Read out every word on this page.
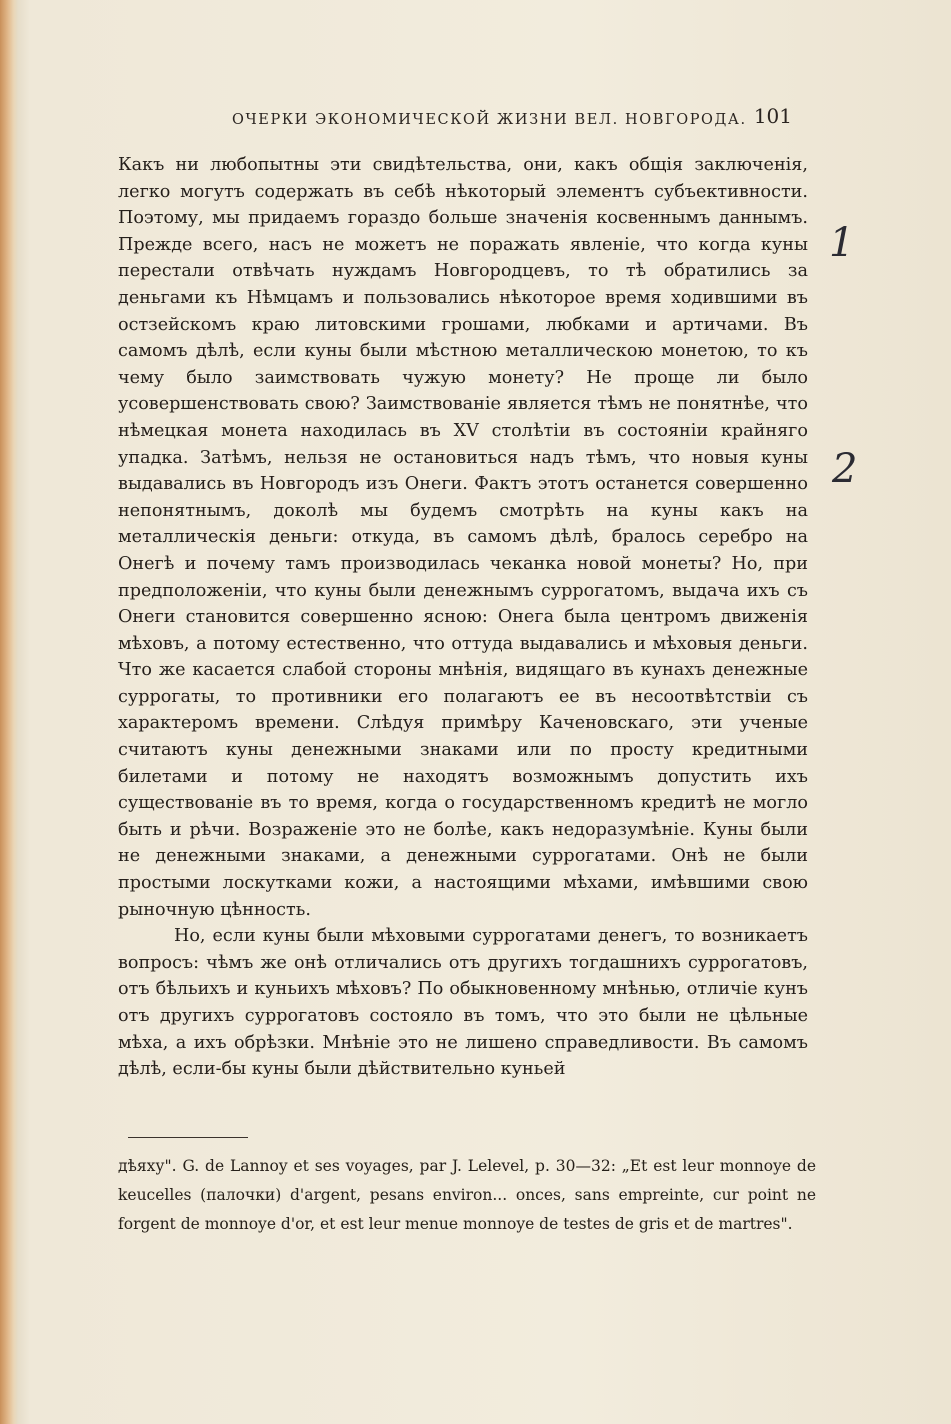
ОЧЕРКИ ЭКОНОМИЧЕСКОЙ ЖИЗНИ ВЕЛ. НОВГОРОДА. 101

Какъ ни любопытны эти свидѣтельства, они, какъ общія заключенія, легко могутъ содержать въ себѣ нѣкоторый элементъ субъективности. Поэтому, мы придаемъ гораздо больше значенія косвеннымъ даннымъ. Прежде всего, насъ не можетъ не поражать явленіе, что когда куны перестали отвѣчать нуждамъ Новгородцевъ, то тѣ обратились за деньгами къ Нѣмцамъ и пользовались нѣкоторое время ходившими въ остзейскомъ краю литовскими грошами, любками и артичами. Въ самомъ дѣлѣ, если куны были мѣстною металлическою монетою, то къ чему было заимствовать чужую монету? Не проще ли было усовершенствовать свою? Заимствованіе является тѣмъ не понятнѣе, что нѣмецкая монета находилась въ XV столѣтіи въ состояніи крайняго упадка. Затѣмъ, нельзя не остановиться надъ тѣмъ, что новыя куны выдавались въ Новгородъ изъ Онеги. Фактъ этотъ останется совершенно непонятнымъ, доколѣ мы будемъ смотрѣть на куны какъ на металлическія деньги: откуда, въ самомъ дѣлѣ, бралось серебро на Онегѣ и почему тамъ производилась чеканка новой монеты? Но, при предположеніи, что куны были денежнымъ суррогатомъ, выдача ихъ съ Онеги становится совершенно ясною: Онега была центромъ движенія мѣховъ, а потому естественно, что оттуда выдавались и мѣховыя деньги. Что же касается слабой стороны мнѣнія, видящаго въ кунахъ денежные суррогаты, то противники его полагаютъ ее въ несоотвѣтствіи съ характеромъ времени. Слѣдуя примѣру Каченовскаго, эти ученые считаютъ куны денежными знаками или по просту кредитными билетами и потому не находятъ возможнымъ допустить ихъ существованіе въ то время, когда о государственномъ кредитѣ не могло быть и рѣчи. Возраженіе это не болѣе, какъ недоразумѣніе. Куны были не денежными знаками, а денежными суррогатами. Онѣ не были простыми лоскутками кожи, а настоящими мѣхами, имѣвшими свою рыночную цѣнность.

Но, если куны были мѣховыми суррогатами денегъ, то возникаетъ вопросъ: чѣмъ же онѣ отличались отъ другихъ тогдашнихъ суррогатовъ, отъ бѣльихъ и куньихъ мѣховъ? По обыкновенному мнѣнью, отличіе кунъ отъ другихъ суррогатовъ состояло въ томъ, что это были не цѣльные мѣха, а ихъ обрѣзки. Мнѣніе это не лишено справедливости. Въ самомъ дѣлѣ, если-бы куны были дѣйствительно куньей

дѣяху". G. de Lannoy et ses voyages, par J. Lelevel, p. 30—32: „Et est leur monnoye de keucelles (палочки) d'argent, pesans environ... onces, sans empreinte, cur point ne forgent de monnoye d'or, et est leur menue monnoye de testes de gris et de martres".
1
2
